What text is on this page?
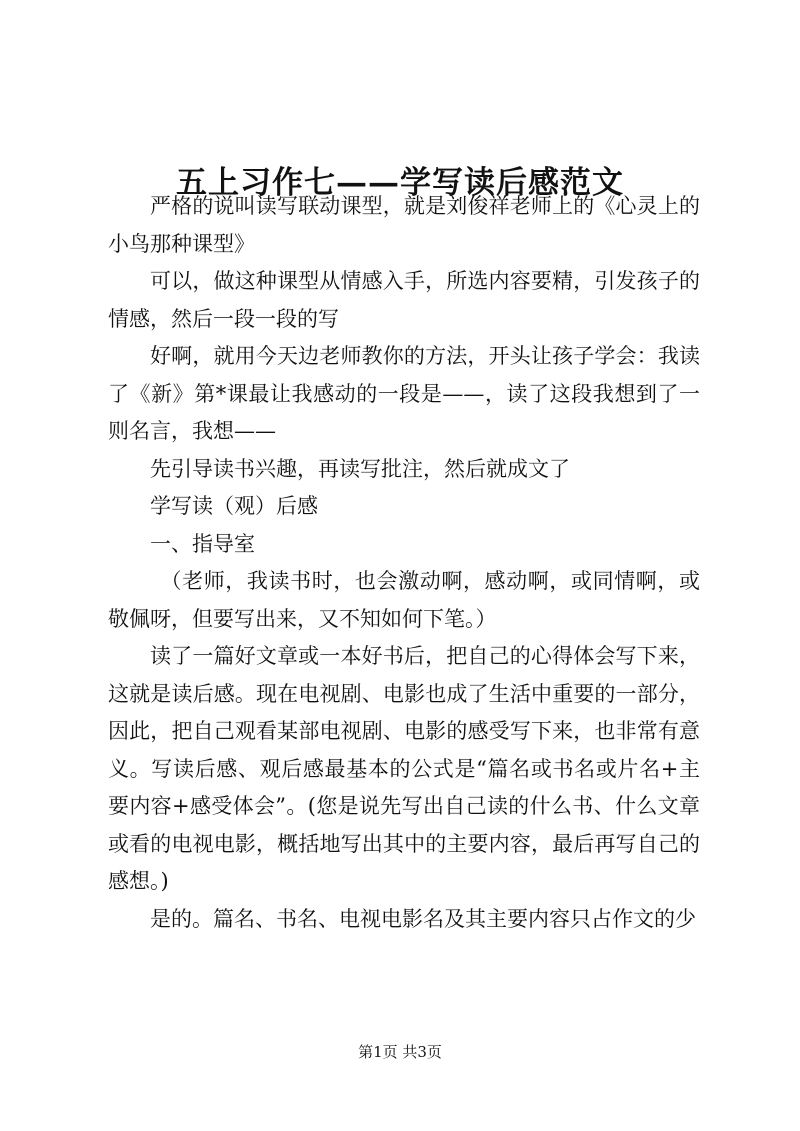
五上习作七——学写读后感范文

严格的说叫读写联动课型，就是刘俊祥老师上的《心灵上的小鸟那种课型》

可以，做这种课型从情感入手，所选内容要精，引发孩子的情感，然后一段一段的写

好啊，就用今天边老师教你的方法，开头让孩子学会：我读了《新》第*课最让我感动的一段是——，读了这段我想到了一则名言，我想——

先引导读书兴趣，再读写批注，然后就成文了

学写读（观）后感

一、指导室

（老师，我读书时，也会激动啊，感动啊，或同情啊，或敬佩呀，但要写出来，又不知如何下笔。）

读了一篇好文章或一本好书后，把自己的心得体会写下来，这就是读后感。现在电视剧、电影也成了生活中重要的一部分，因此，把自己观看某部电视剧、电影的感受写下来，也非常有意义。写读后感、观后感最基本的公式是“篇名或书名或片名+主要内容+感受体会”。(您是说先写出自己读的什么书、什么文章或看的电视电影，概括地写出其中的主要内容，最后再写自己的感想。)

是的。篇名、书名、电视电影名及其主要内容只占作文的少

第1页 共3页
